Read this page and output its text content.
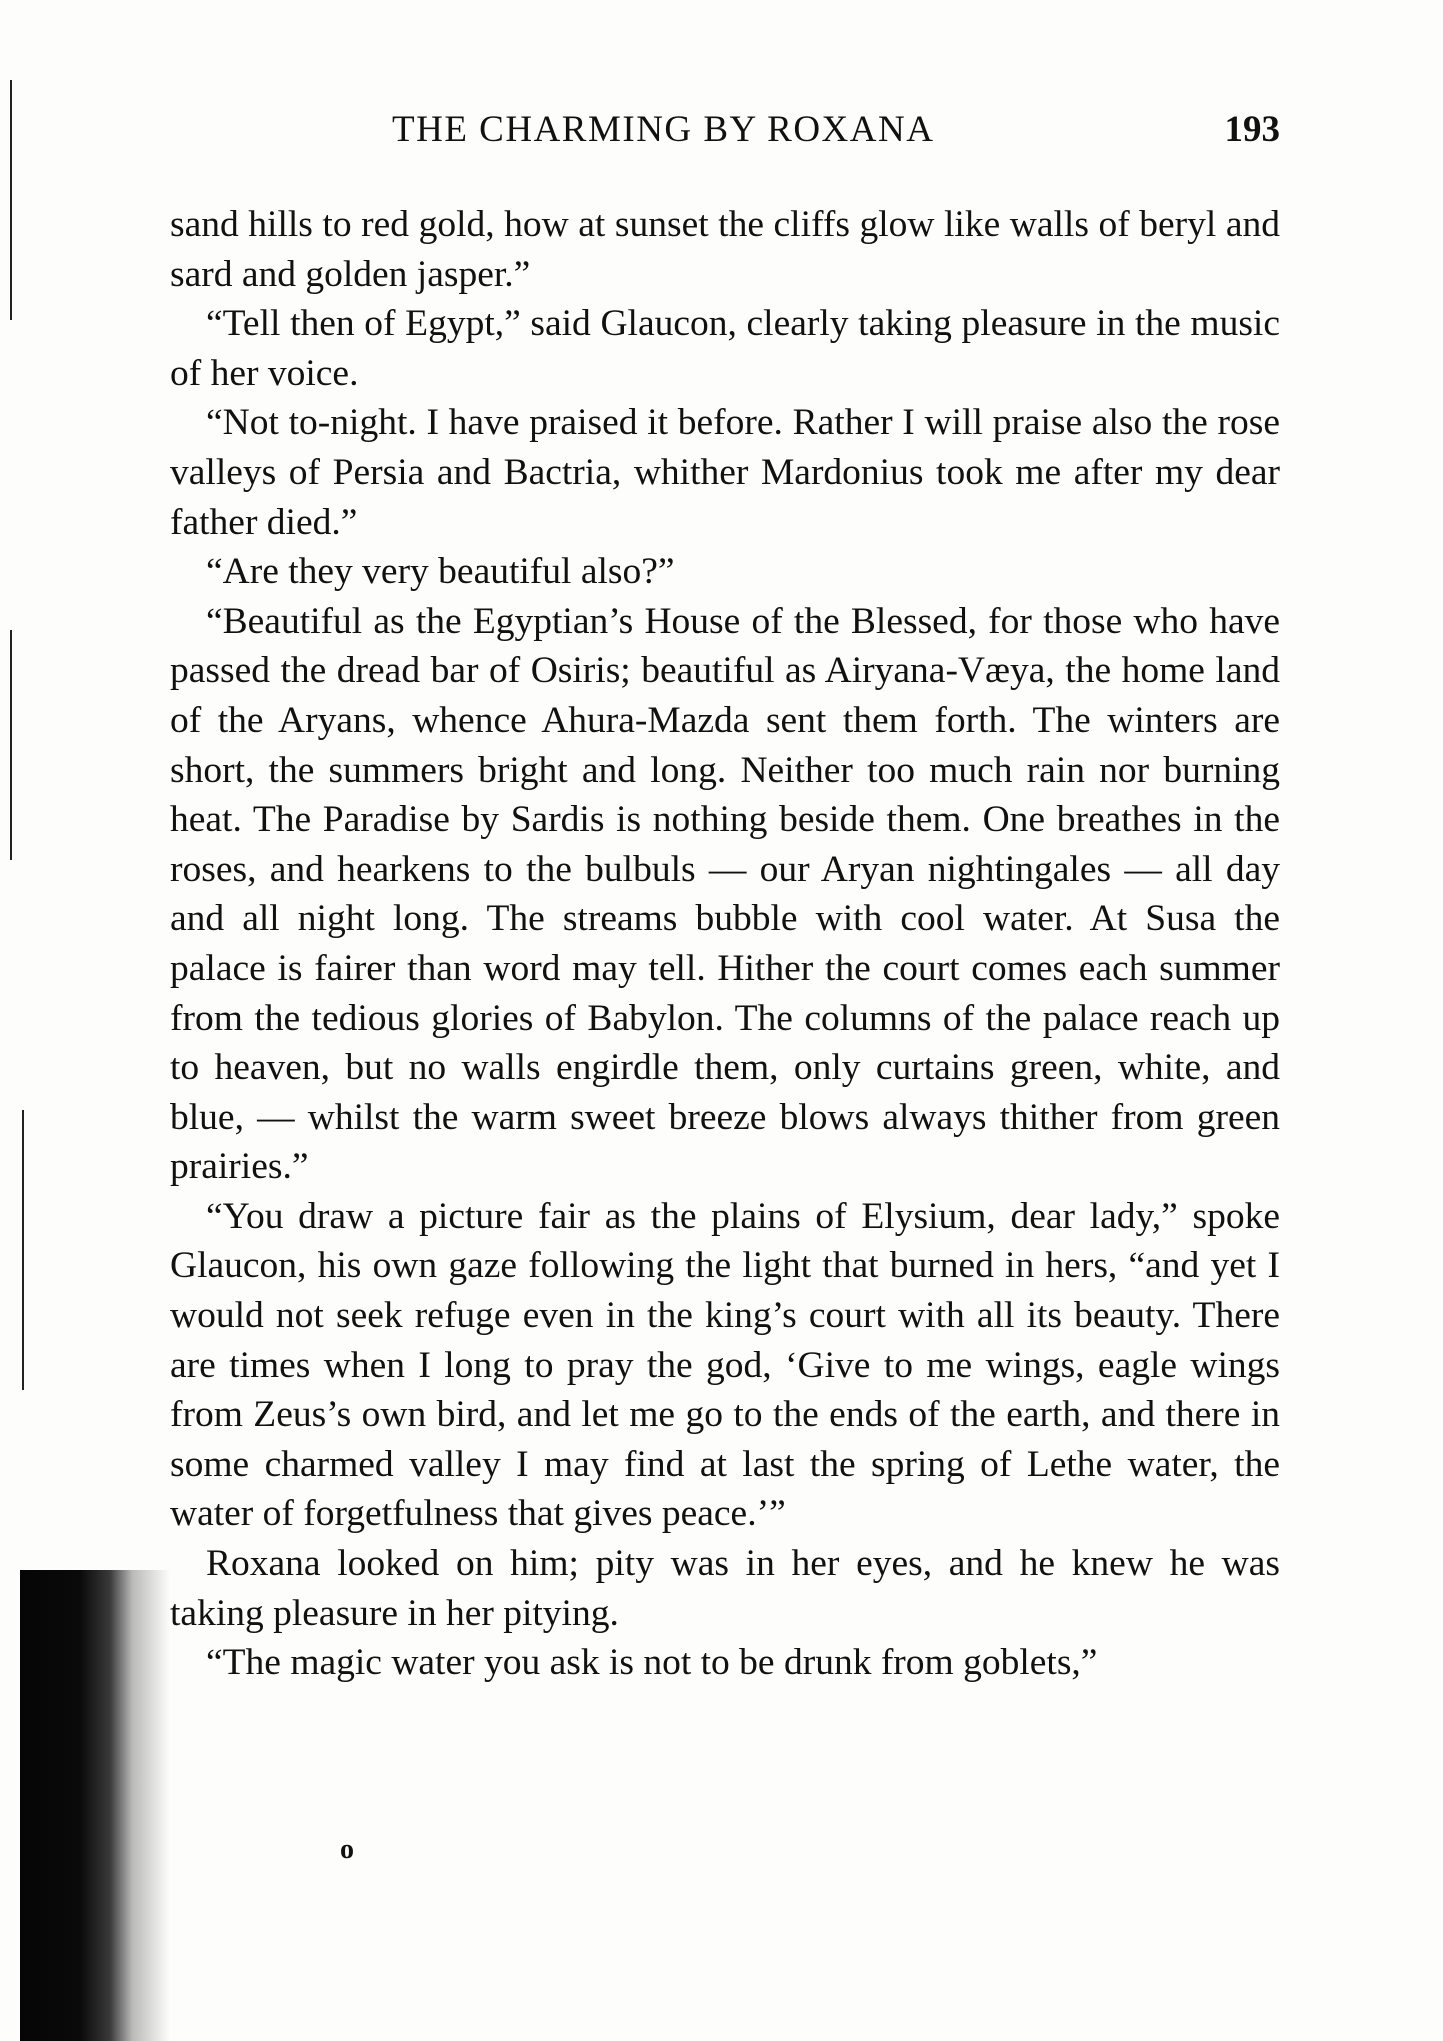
THE CHARMING BY ROXANA	193

sand hills to red gold, how at sunset the cliffs glow like walls of beryl and sard and golden jasper.”

“Tell then of Egypt,” said Glaucon, clearly taking pleasure in the music of her voice.

“Not to-night. I have praised it before. Rather I will praise also the rose valleys of Persia and Bactria, whither Mardonius took me after my dear father died.”

“Are they very beautiful also?”

“Beautiful as the Egyptian’s House of the Blessed, for those who have passed the dread bar of Osiris; beautiful as Airyana-Væya, the home land of the Aryans, whence Ahura-Mazda sent them forth. The winters are short, the summers bright and long. Neither too much rain nor burning heat. The Paradise by Sardis is nothing beside them. One breathes in the roses, and hearkens to the bulbuls — our Aryan nightingales — all day and all night long. The streams bubble with cool water. At Susa the palace is fairer than word may tell. Hither the court comes each summer from the tedious glories of Babylon. The columns of the palace reach up to heaven, but no walls engirdle them, only curtains green, white, and blue, — whilst the warm sweet breeze blows always thither from green prairies.”

“You draw a picture fair as the plains of Elysium, dear lady,” spoke Glaucon, his own gaze following the light that burned in hers, “and yet I would not seek refuge even in the king’s court with all its beauty. There are times when I long to pray the god, ‘Give to me wings, eagle wings from Zeus’s own bird, and let me go to the ends of the earth, and there in some charmed valley I may find at last the spring of Lethe water, the water of forgetfulness that gives peace.’”

Roxana looked on him; pity was in her eyes, and he knew he was taking pleasure in her pitying.

“The magic water you ask is not to be drunk from goblets,”

o
